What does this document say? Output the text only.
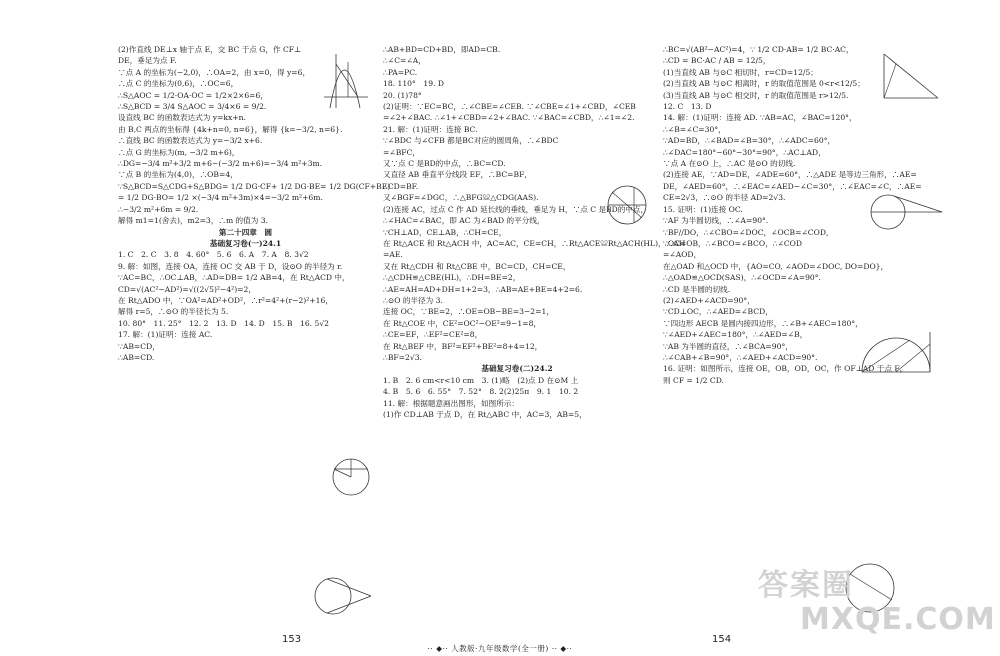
(2)作直线 DE⊥x 轴于点 E，交 BC 于点 G，作 CF⊥
DE，垂足为点 F.
∵点 A 的坐标为(−2,0)，∴OA=2，由 x=0，得 y=6，
∴点 C 的坐标为(0,6)，∴OC=6，
∴S△AOC = 1/2·OA·OC = 1/2×2×6=6，
∴S△BCD = 3/4 S△AOC = 3/4×6 = 9/2.
设直线 BC 的函数表达式为 y=kx+n.
由 B,C 两点的坐标得 {4k+n=0, n=6}，解得 {k=−3/2, n=6}.
∴直线 BC 的函数表达式为 y=−3/2 x+6.
∴点 G 的坐标为(m, −3/2 m+6)，
∴DG=−3/4 m²+3/2 m+6−(−3/2 m+6)=−3/4 m²+3m.
∵点 B 的坐标为(4,0)，∴OB=4，
∵S△BCD=S△CDG+S△BDG= 1/2 DG·CF+ 1/2 DG·BE= 1/2 DG(CF+BE)
= 1/2 DG·BO= 1/2 ×(−3/4 m²+3m)×4=−3/2 m²+6m.
∴−3/2 m²+6m = 9/2.
解得 m1=1(舍去)，m2=3，∴m 的值为 3.
第二十四章　圆
基础复习卷(一)24.1
1. C　2. C　3. 8　4. 60°　5. 6　6. A　7. A　8. 3√2
9. 解：如图，连接 OA，连接 OC 交 AB 于 D，设⊙O 的半径为 r.
∵AC=BC，∴OC⊥AB，∴AD=DB= 1/2 AB=4，在 Rt△ACD 中，
CD=√(AC²−AD²)=√((2√5)²−4²)=2，
在 Rt△ADO 中，∵OA²=AD²+OD²，∴r²=4²+(r−2)²+16，
解得 r=5，∴⊙O 的半径长为 5.
10. 80°　11. 25°　12. 2　13. D　14. D　15. B　16. 5√2
17. 解：(1)证明：连接 AC.
∵AB=CD，
∴AB=CD.
∴AB+BD=CD+BD，即AD=CB.
∴∠C=∠A，
∴PA=PC.
18. 110°　19. D
20. (1)78°
(2)证明：∵EC=BC，∴∠CBE=∠CEB. ∵∠CBE=∠1+∠CBD，∠CEB
=∠2+∠BAC. ∴∠1+∠CBD=∠2+∠BAC. ∵∠BAC=∠CBD，∴∠1=∠2.
21. 解：(1)证明：连接 BC.
∵∠BDC 与∠CFB 都是BC对应的圆周角，∴∠BDC
=∠BFC，
又∵点 C 是BD的中点，∴BC=CD.
又直径 AB 垂直平分线段 EF，∴BC=BF，
∴CD=BF.
又∠BGF=∠DGC，∴△BFG≌△CDG(AAS).
(2)连接 AC，过点 C 作 AD 延长线的垂线，垂足为 H，∵点 C 是BD的中点，
∴∠HAC=∠BAC，即 AC 为∠BAD 的平分线，
∵CH⊥AD，CE⊥AB，∴CH=CE，
在 Rt△ACE 和 Rt△ACH 中，AC=AC，CE=CH，∴Rt△ACE≌Rt△ACH(HL)，∴AH
=AE.
又在 Rt△CDH 和 Rt△CBE 中，BC=CD，CH=CE，
∴△CDH≌△CBE(HL)，∴DH=BE=2，
∴AE=AH=AD+DH=1+2=3，∴AB=AE+BE=4+2=6.
∴⊙O 的半径为 3.
连接 OC，∵BE=2，∴OE=OB−BE=3−2=1，
在 Rt△COE 中，CE²=OC²−OE²=9−1=8，
∴CE=EF，∴EF²=CE²=8，
在 Rt△BEF 中，BF²=EF²+BE²=8+4=12，
∴BF=2√3.
基础复习卷(二)24.2
1. B　2. 6 cm<r<10 cm　3. (1)略　(2)点 D 在⊙M 上
4. B　5. 6　6. 55°　7. 52°　8. 2(2)25π　9. 1　10. 2
11. 解：根据题意画出图形，如图所示：
(1)作 CD⊥AB 于点 D，在 Rt△ABC 中，AC=3，AB=5，
∴BC=√(AB²−AC²)=4，∵ 1/2 CD·AB= 1/2 BC·AC，
∴CD = BC·AC / AB = 12/5，
(1)当直线 AB 与⊙C 相切时，r=CD=12/5；
(2)当直线 AB 与⊙C 相离时，r 的取值范围是 0<r<12/5；
(3)当直线 AB 与⊙C 相交时，r 的取值范围是 r>12/5.
12. C　13. D
14. 解：(1)证明：连接 AD. ∵AB=AC，∠BAC=120°，
∴∠B=∠C=30°，
∵AD=BD，∴∠BAD=∠B=30°，∴∠ADC=60°，
∴∠DAC=180°−60°−30°=90°，∴AC⊥AD，
∵点 A 在⊙O 上，∴AC 是⊙O 的切线.
(2)连接 AE，∵AD=DE，∠ADE=60°，∴△ADE 是等边三角形，∴AE=
DE，∠AED=60°，∴∠EAC=∠AED−∠C=30°，∴∠EAC=∠C，∴AE=
CE=2√3，∴⊙O 的半径 AD=2√3.
15. 证明：(1)连接 OC.
∵AF 为半圆切线，∴∠A=90°.
∵BF//DO，∴∠CBO=∠DOC，∠OCB=∠COD，
∵OC=OB，∴∠BCO=∠BCO，∴∠COD
=∠AOD，
在△OAD 和△OCD 中，{AO=CO, ∠AOD=∠DOC, DO=DO}，
∴△OAD≌△OCD(SAS)，∴∠OCD=∠A=90°.
∴CD 是半圆的切线.
(2)∠AED+∠ACD=90°，
∵CD⊥OC，∴∠AED=∠BCD，
∵四边形 AECB 是圆内接四边形，∴∠B+∠AEC=180°，
∵∠AED+∠AEC=180°，∴∠AED=∠B，
∵AB 为半圆的直径，∴∠BCA=90°，
∴∠CAB+∠B=90°，∴∠AED+∠ACD=90°.
16. 证明：如图所示，连接 OE，OB，OD，OC，作 OF⊥AD 于点 F，
则 CF = 1/2 CD.
答案圈
MXQE.COM
153	154
·· ◆·· 人教版·九年级数学(全一册) ·· ◆··
